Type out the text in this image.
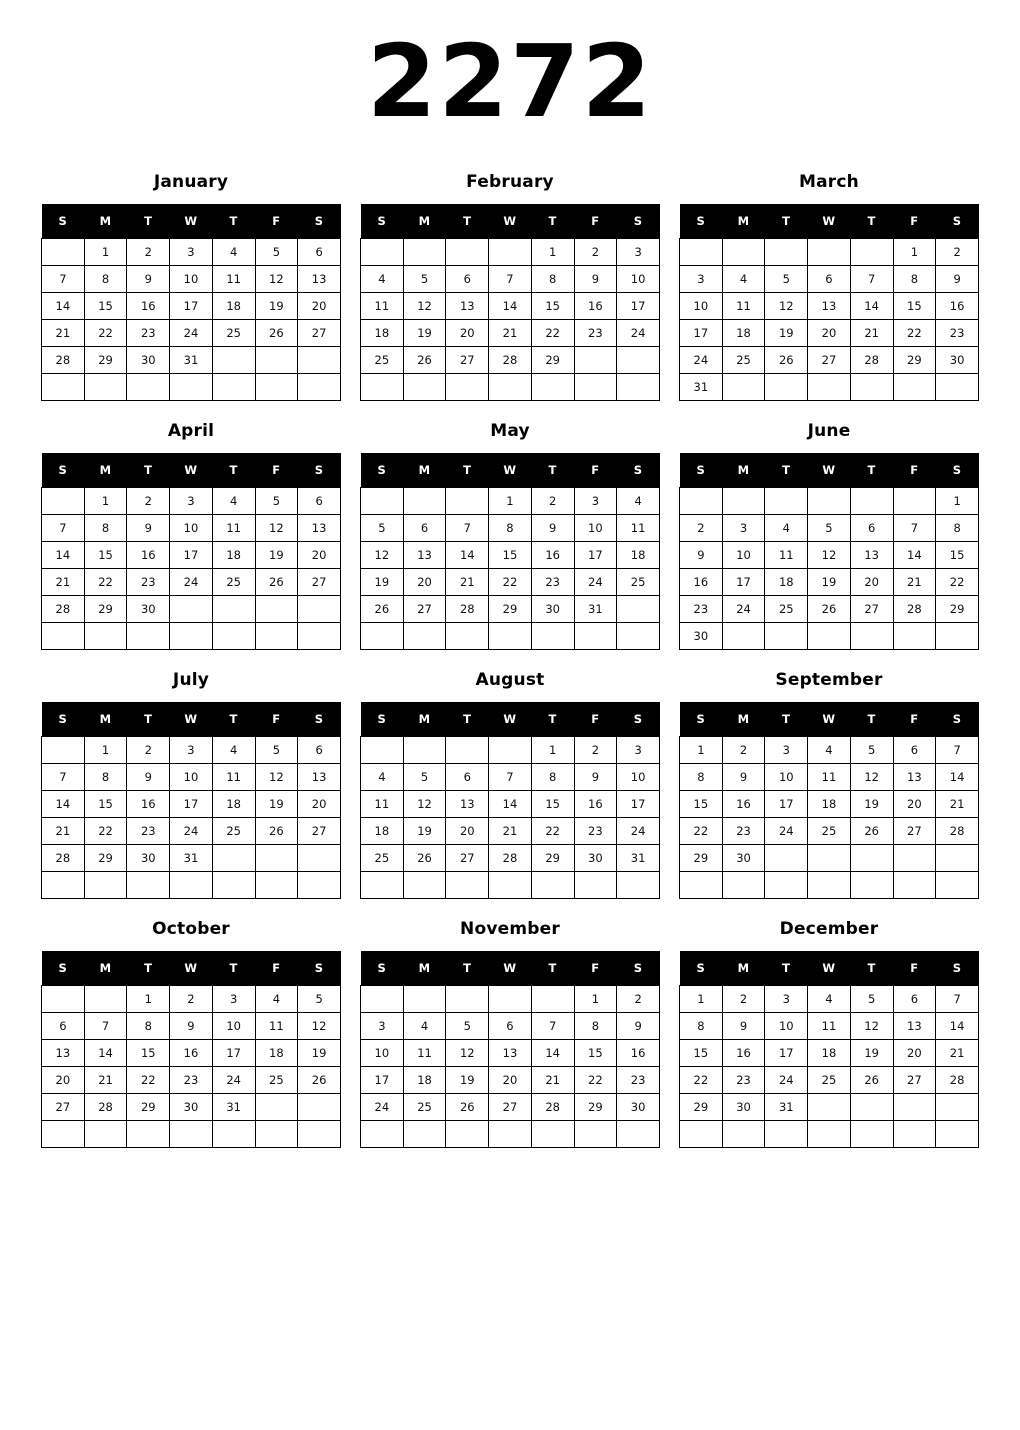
2272
January
S	M	T	W	T	F	S
	1	2	3	4	5	6
7	8	9	10	11	12	13
14	15	16	17	18	19	20
21	22	23	24	25	26	27
28	29	30	31			

February
S	M	T	W	T	F	S
				1	2	3
4	5	6	7	8	9	10
11	12	13	14	15	16	17
18	19	20	21	22	23	24
25	26	27	28	29		

March
S	M	T	W	T	F	S
					1	2
3	4	5	6	7	8	9
10	11	12	13	14	15	16
17	18	19	20	21	22	23
24	25	26	27	28	29	30
31						
April
S	M	T	W	T	F	S
	1	2	3	4	5	6
7	8	9	10	11	12	13
14	15	16	17	18	19	20
21	22	23	24	25	26	27
28	29	30				

May
S	M	T	W	T	F	S
			1	2	3	4
5	6	7	8	9	10	11
12	13	14	15	16	17	18
19	20	21	22	23	24	25
26	27	28	29	30	31	

June
S	M	T	W	T	F	S
						1
2	3	4	5	6	7	8
9	10	11	12	13	14	15
16	17	18	19	20	21	22
23	24	25	26	27	28	29
30						
July
S	M	T	W	T	F	S
	1	2	3	4	5	6
7	8	9	10	11	12	13
14	15	16	17	18	19	20
21	22	23	24	25	26	27
28	29	30	31			

August
S	M	T	W	T	F	S
				1	2	3
4	5	6	7	8	9	10
11	12	13	14	15	16	17
18	19	20	21	22	23	24
25	26	27	28	29	30	31

September
S	M	T	W	T	F	S
1	2	3	4	5	6	7
8	9	10	11	12	13	14
15	16	17	18	19	20	21
22	23	24	25	26	27	28
29	30					

October
S	M	T	W	T	F	S
		1	2	3	4	5
6	7	8	9	10	11	12
13	14	15	16	17	18	19
20	21	22	23	24	25	26
27	28	29	30	31		

November
S	M	T	W	T	F	S
					1	2
3	4	5	6	7	8	9
10	11	12	13	14	15	16
17	18	19	20	21	22	23
24	25	26	27	28	29	30

December
S	M	T	W	T	F	S
1	2	3	4	5	6	7
8	9	10	11	12	13	14
15	16	17	18	19	20	21
22	23	24	25	26	27	28
29	30	31				
